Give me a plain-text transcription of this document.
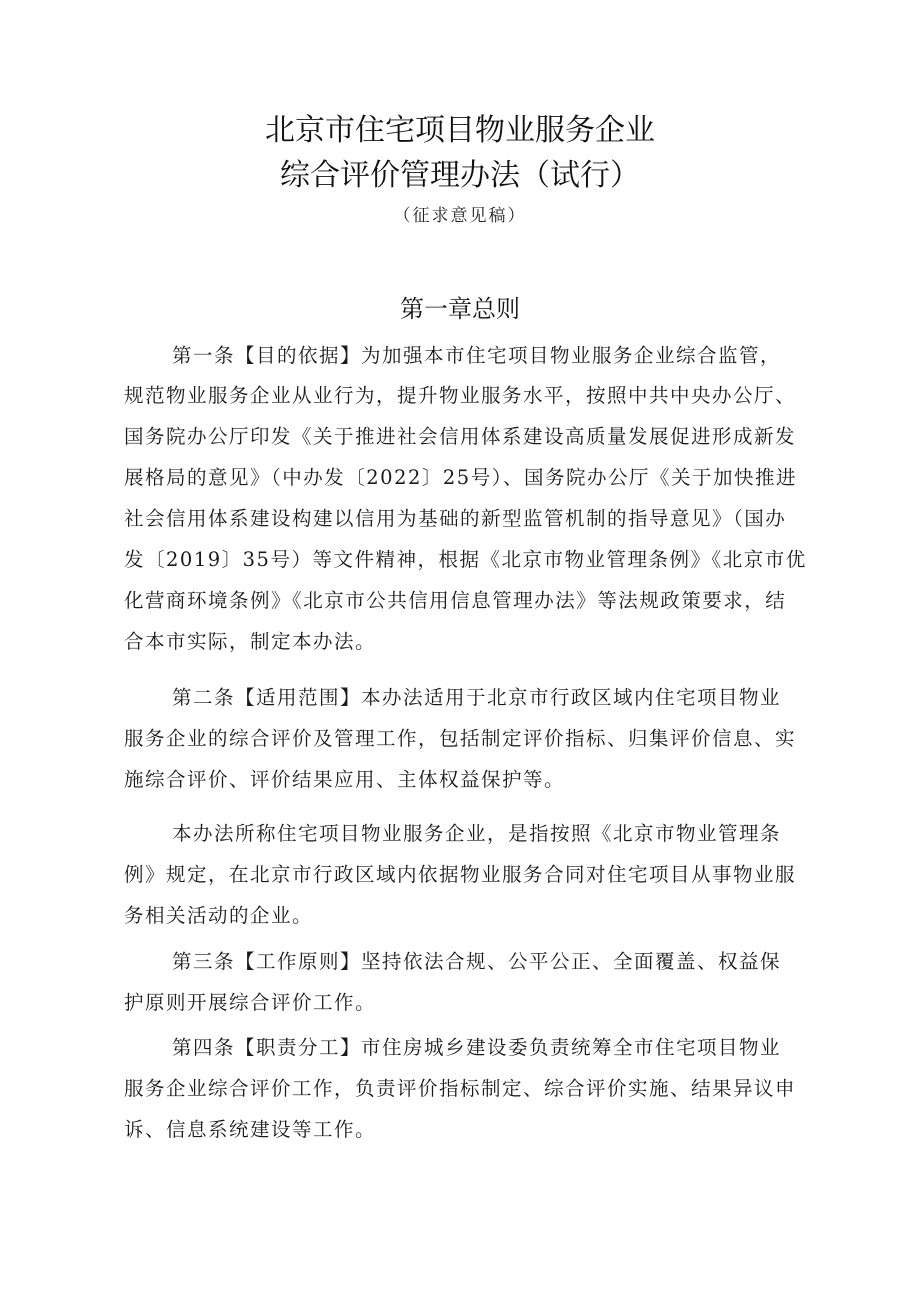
北京市住宅项目物业服务企业
综合评价管理办法（试行）
（征求意见稿）
第一章总则
第一条【目的依据】为加强本市住宅项目物业服务企业综合监管，
规范物业服务企业从业行为，提升物业服务水平，按照中共中央办公厅、
国务院办公厅印发《关于推进社会信用体系建设高质量发展促进形成新发
展格局的意见》（中办发〔2022〕25号）、国务院办公厅《关于加快推进
社会信用体系建设构建以信用为基础的新型监管机制的指导意见》（国办
发〔2019〕35号）等文件精神，根据《北京市物业管理条例》《北京市优
化营商环境条例》《北京市公共信用信息管理办法》等法规政策要求，结
合本市实际，制定本办法。
第二条【适用范围】本办法适用于北京市行政区域内住宅项目物业
服务企业的综合评价及管理工作，包括制定评价指标、归集评价信息、实
施综合评价、评价结果应用、主体权益保护等。
本办法所称住宅项目物业服务企业，是指按照《北京市物业管理条
例》规定，在北京市行政区域内依据物业服务合同对住宅项目从事物业服
务相关活动的企业。
第三条【工作原则】坚持依法合规、公平公正、全面覆盖、权益保
护原则开展综合评价工作。
第四条【职责分工】市住房城乡建设委负责统筹全市住宅项目物业
服务企业综合评价工作，负责评价指标制定、综合评价实施、结果异议申
诉、信息系统建设等工作。
